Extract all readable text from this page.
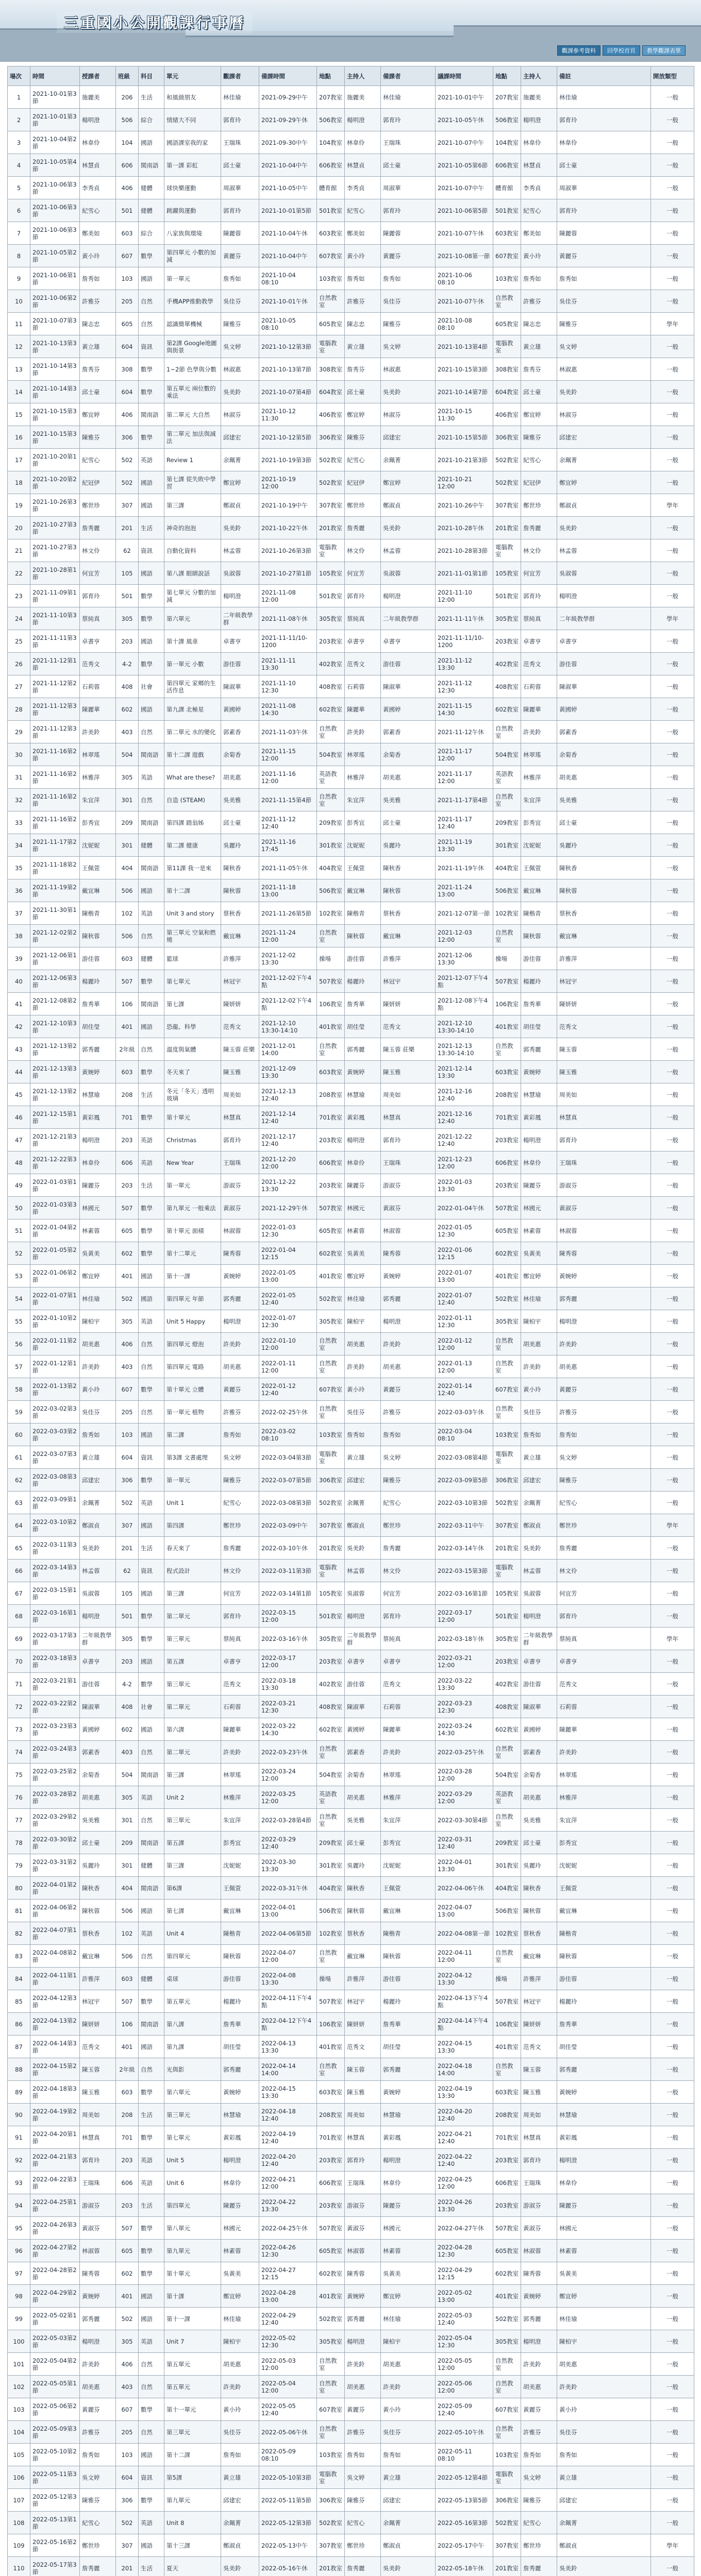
三重國小公開觀課行事曆
觀課參考資料	回學校首頁	教學觀課表單
場次	時間	授課者	班級	科目	單元	觀課者	備課時間	地點	主持人	備課者	議課時間	地點	主持人	備註	開放類型
1	2021-10-01第3節	施麗美	206	生活	和風做朋友	林佳瑜	2021-09-29中午	207教室	施麗美	林佳瑜	2021-10-01中午	207教室	施麗美	林佳瑜	一般
2	2021-10-01第3節	楊明澄	506	綜合	情緒大不同	郭育玲	2021-09-29午休	506教室	楊明澄	郭育玲	2021-10-05午休	506教室	楊明澄	郭育玲	一般
3	2021-10-04第2節	林韋伶	104	國語	國語課室我的家	王瑞珠	2021-09-30中午	104教室	林韋伶	王瑞珠	2021-10-07中午	104教室	林韋伶	林韋伶	一般
4	2021-10-05第4節	林慧貞	606	閩南語	第一課 彩虹	邱士豪	2021-10-04中午	606教室	林慧貞	邱士豪	2021-10-05第6節	606教室	林慧貞	邱士豪	一般
5	2021-10-06第3節	李秀貞	406	健體	球快樂運動	周淑華	2021-10-05中午	體育館	李秀貞	周淑華	2021-10-07中午	體育館	李秀貞	周淑華	一般
6	2021-10-06第3節	紀雪心	501	健體	跳躍與運動	郭育玲	2021-10-01第5節	501教室	紀雪心	郭育玲	2021-10-06第5節	501教室	紀雪心	郭育玲	一般
7	2021-10-06第3節	鄭美如	603	綜合	八家族與環境	陳麗蓉	2021-10-04午休	603教室	鄭美如	陳麗蓉	2021-10-07午休	603教室	鄭美如	陳麗蓉	一般
8	2021-10-05第2節	黃小玲	607	數學	第四單元 小數的加減	黃麗芬	2021-10-04中午	607教室	黃小玲	黃麗芬	2021-10-08第一節	607教室	黃小玲	黃麗芬	一般
9	2021-10-06第1節	詹秀如	103	國語	第一單元	詹秀如	2021-10-04 08:10	103教室	詹秀如	詹秀如	2021-10-06 08:10	103教室	詹秀如	詹秀如	一般
10	2021-10-06第2節	許雅芬	205	自然	手機APP推動教學	吳佳芬	2021-10-01午休	自然教室	許雅芬	吳佳芬	2021-10-07午休	自然教室	許雅芬	吳佳芬	一般
11	2021-10-07第3節	陳志忠	605	自然	認識簡單機械	陳雅芬	2021-10-05 08:10	605教室	陳志忠	陳雅芬	2021-10-08 08:10	605教室	陳志忠	陳雅芬	學年
12	2021-10-13第3節	黃立雄	604	資訊	第2課 Google地圖與街景	吳文婷	2021-10-12第3節	電腦教室	黃立雄	吳文婷	2021-10-13第4節	電腦教室	黃立雄	吳文婷	一般
13	2021-10-14第3節	詹秀芬	308	數學	1~2節 色學與分數	林淑惠	2021-10-13第7節	308教室	詹秀芬	林淑惠	2021-10-15第3節	308教室	詹秀芬	林淑惠	一般
14	2021-10-14第3節	邱士豪	604	數學	第五單元 兩位數的乘法	吳美鈴	2021-10-07第4節	604教室	邱士豪	吳美鈴	2021-10-14第7節	604教室	邱士豪	吳美鈴	一般
15	2021-10-15第3節	鄭宜婷	406	閩南語	第二單元 大自然	林淑芬	2021-10-12 11:30	406教室	鄭宜婷	林淑芬	2021-10-15 11:30	406教室	鄭宜婷	林淑芬	一般
16	2021-10-15第3節	陳雅芬	306	數學	第二單元 加法與減法	邱建宏	2021-10-12第5節	306教室	陳雅芬	邱建宏	2021-10-15第5節	306教室	陳雅芬	邱建宏	一般
17	2021-10-20第1節	紀雪心	502	英語	Review 1	余珮菁	2021-10-19第3節	502教室	紀雪心	余珮菁	2021-10-21第3節	502教室	紀雪心	余珮菁	一般
18	2021-10-20第2節	紀冠伊	502	國語	第七課 從失敗中學習	鄭宜婷	2021-10-19 12:00	502教室	紀冠伊	鄭宜婷	2021-10-21 12:00	502教室	紀冠伊	鄭宜婷	一般
19	2021-10-26第3節	鄭世珍	307	國語	第三課	鄭淑貞	2021-10-19中午	307教室	鄭世珍	鄭淑貞	2021-10-26中午	307教室	鄭世珍	鄭淑貞	學年
20	2021-10-27第3節	詹秀麗	201	生活	神奇的泡泡	吳美鈴	2021-10-22午休	201教室	詹秀麗	吳美鈴	2021-10-28午休	201教室	詹秀麗	吳美鈴	一般
21	2021-10-27第3節	林文伶	62	資訊	自動化資料	林孟蓉	2021-10-26第3節	電腦教室	林文伶	林孟蓉	2021-10-28第3節	電腦教室	林文伶	林孟蓉	一般
22	2021-10-28第1節	何宜芳	105	國語	第八課 眼睛說話	吳淑蓉	2021-10-27第1節	105教室	何宜芳	吳淑蓉	2021-11-01第1節	105教室	何宜芳	吳淑蓉	一般
23	2021-11-09第1節	郭育玲	501	數學	第七單元 分數的加減	楊明澄	2021-11-08 12:00	501教室	郭育玲	楊明澄	2021-11-10 12:00	501教室	郭育玲	楊明澄	一般
24	2021-11-10第3節	蔡純真	305	數學	第六單元	二年級教學群	2021-11-08午休	305教室	蔡純真	二年級教學群	2021-11-11午休	305教室	蔡純真	二年級教學群	學年
25	2021-11-11第3節	卓書亨	203	國語	第十課 風車	卓書亨	2021-11-11/10-1200	203教室	卓書亨	卓書亨	2021-11-11/10-1200	203教室	卓書亨	卓書亨	一般
26	2021-11-12第1節	范秀文	4-2	數學	第一單元 小數	游佳蓉	2021-11-11 13:30	402教室	范秀文	游佳蓉	2021-11-12 13:30	402教室	范秀文	游佳蓉	一般
27	2021-11-12第2節	石莉蓉	408	社會	第四單元 家鄉的生活作息	陳淑華	2021-11-10 12:30	408教室	石莉蓉	陳淑華	2021-11-12 12:30	408教室	石莉蓉	陳淑華	一般
28	2021-11-12第3節	陳麗華	602	國語	第九課 北極星	黃國婷	2021-11-08 14:30	602教室	陳麗華	黃國婷	2021-11-15 14:30	602教室	陳麗華	黃國婷	一般
29	2021-11-12第3節	許美鈴	403	自然	第二單元 水的變化	郭素香	2021-11-03午休	自然教室	許美鈴	郭素香	2021-11-12午休	自然教室	許美鈴	郭素香	一般
30	2021-11-16第2節	林翠瑤	504	閩南語	第十二課 遊戲	余菊香	2021-11-15 12:00	504教室	林翠瑤	余菊香	2021-11-17 12:00	504教室	林翠瑤	余菊香	一般
31	2021-11-16第2節	林雅萍	305	英語	What are these?	胡美惠	2021-11-16 12:00	英語教室	林雅萍	胡美惠	2021-11-17 12:00	英語教室	林雅萍	胡美惠	一般
32	2021-11-16第2節	朱宜萍	301	自然	自造 (STEAM)	吳美雅	2021-11-15第4節	自然教室	朱宜萍	吳美雅	2021-11-17第4節	自然教室	朱宜萍	吳美雅	一般
33	2021-11-16第2節	彭秀宜	209	閩南語	第四課 踏翁姊	邱士豪	2021-11-12 12:40	209教室	彭秀宜	邱士豪	2021-11-17 12:40	209教室	彭秀宜	邱士豪	一般
34	2021-11-17第2節	沈妮妮	301	健體	第二課 健康	吳麗玲	2021-11-16 17:45	301教室	沈妮妮	吳麗玲	2021-11-19 13:30	301教室	沈妮妮	吳麗玲	一般
35	2021-11-18第2節	王佩萱	404	閩南語	第11課 我一是來	陳秋香	2021-11-05午休	404教室	王佩萱	陳秋香	2021-11-19午休	404教室	王佩萱	陳秋香	一般
36	2021-11-19第2節	戴宜琳	506	國語	第十二課	陳秋蓉	2021-11-18 13:00	506教室	戴宜琳	陳秋蓉	2021-11-24 13:00	506教室	戴宜琳	陳秋蓉	一般
37	2021-11-30第1節	陳楷青	102	英語	Unit 3 and story	蔡秋香	2021-11-26第5節	102教室	陳楷青	蔡秋香	2021-12-07第一節	102教室	陳楷青	蔡秋香	一般
38	2021-12-02第2節	陳秋蓉	506	自然	第三單元 空氣和燃燒	戴宜琳	2021-11-24 12:00	自然教室	陳秋蓉	戴宜琳	2021-12-03 12:00	自然教室	陳秋蓉	戴宜琳	一般
39	2021-12-06第1節	游佳蓉	603	健體	籃球	許雅萍	2021-12-02 13:30	操場	游佳蓉	許雅萍	2021-12-06 13:30	操場	游佳蓉	許雅萍	一般
40	2021-12-06第3節	楊麗玲	507	數學	第七單元	林冠宇	2021-12-02下午4點	507教室	楊麗玲	林冠宇	2021-12-07下午4點	507教室	楊麗玲	林冠宇	一般
41	2021-12-08第2節	詹秀華	106	閩南語	第七課	陳妍妍	2021-12-02下午4點	106教室	詹秀華	陳妍妍	2021-12-08下午4點	106教室	詹秀華	陳妍妍	一般
42	2021-12-10第3節	胡佳瑩	401	國語	恐龍、科學	范秀文	2021-12-10 13:30-14:10	401教室	胡佳瑩	范秀文	2021-12-10 13:30-14:10	401教室	胡佳瑩	范秀文	一般
43	2021-12-13第2節	郭秀麗	2年級	自然	溫度與氣體	陳玉蓉 莊樂	2021-12-01 14:00	自然教室	郭秀麗	陳玉蓉 莊樂	2021-12-13 13:30-14:10	自然教室	郭秀麗	陳玉蓉	一般
44	2021-12-13第3節	黃婉婷	603	數學	冬天來了	陳玉雅	2021-12-09 13:30	603教室	黃婉婷	陳玉雅	2021-12-14 13:30	603教室	黃婉婷	陳玉雅	一般
45	2021-12-13第2節	林慧瑜	208	生活	冬元「冬天」透明玻璃	周美如	2021-12-13 12:40	208教室	林慧瑜	周美如	2021-12-16 12:40	208教室	林慧瑜	周美如	一般
46	2021-12-15第1節	黃彩鳳	701	數學	第十單元	林慧真	2021-12-14 12:40	701教室	黃彩鳳	林慧真	2021-12-16 12:40	701教室	黃彩鳳	林慧真	一般
47	2021-12-21第3節	楊明澄	203	英語	Christmas	郭育玲	2021-12-17 12:40	203教室	楊明澄	郭育玲	2021-12-22 12:40	203教室	楊明澄	郭育玲	一般
48	2021-12-22第3節	林韋伶	606	英語	New Year	王瑞珠	2021-12-20 12:00	606教室	林韋伶	王瑞珠	2021-12-23 12:00	606教室	林韋伶	王瑞珠	一般
49	2022-01-03第1節	陳麗芬	203	生活	第一單元	游淑芬	2021-12-22 13:30	203教室	陳麗芬	游淑芬	2022-01-03 13:30	203教室	陳麗芬	游淑芬	一般
50	2022-01-03第3節	林國元	507	數學	第九單元 一般乘法	黃淑芬	2021-12-29午休	507教室	林國元	黃淑芬	2022-01-04午休	507教室	林國元	黃淑芬	一般
51	2022-01-04第2節	林素蓉	605	數學	第十單元 面積	林淑蓉	2022-01-03 12:30	605教室	林素蓉	林淑蓉	2022-01-05 12:30	605教室	林素蓉	林淑蓉	一般
52	2022-01-05第2節	吳黃美	602	數學	第十二單元	陳秀蓉	2022-01-04 12:15	602教室	吳黃美	陳秀蓉	2022-01-06 12:15	602教室	吳黃美	陳秀蓉	一般
53	2022-01-06第2節	鄭宜婷	401	國語	第十一課	黃婉婷	2022-01-05 13:00	401教室	鄭宜婷	黃婉婷	2022-01-07 13:00	401教室	鄭宜婷	黃婉婷	一般
54	2022-01-07第1節	林佳瑜	502	國語	第四單元 年節	郭秀麗	2022-01-05 12:40	502教室	林佳瑜	郭秀麗	2022-01-07 12:40	502教室	林佳瑜	郭秀麗	一般
55	2022-01-10第2節	陳柏宇	305	英語	Unit 5 Happy	楊明澄	2022-01-07 12:30	305教室	陳柏宇	楊明澄	2022-01-11 12:30	305教室	陳柏宇	楊明澄	一般
56	2022-01-11第2節	胡美惠	406	自然	第四單元 燈泡	許美鈴	2022-01-10 12:00	自然教室	胡美惠	許美鈴	2022-01-12 12:00	自然教室	胡美惠	許美鈴	一般
57	2022-01-12第1節	許美鈴	403	自然	第四單元 電路	胡美惠	2022-01-11 12:00	自然教室	許美鈴	胡美惠	2022-01-13 12:00	自然教室	許美鈴	胡美惠	一般
58	2022-01-13第2節	黃小玲	607	數學	第十單元 立體	黃麗芬	2022-01-12 12:40	607教室	黃小玲	黃麗芬	2022-01-14 12:40	607教室	黃小玲	黃麗芬	一般
59	2022-03-02第3節	吳佳芬	205	自然	第一單元 植物	許雅芬	2022-02-25午休	自然教室	吳佳芬	許雅芬	2022-03-03午休	自然教室	吳佳芬	許雅芬	一般
60	2022-03-03第2節	詹秀如	103	國語	第二課	詹秀如	2022-03-02 08:10	103教室	詹秀如	詹秀如	2022-03-04 08:10	103教室	詹秀如	詹秀如	一般
61	2022-03-07第3節	黃立雄	604	資訊	第3課 文書處理	吳文婷	2022-03-04第3節	電腦教室	黃立雄	吳文婷	2022-03-08第4節	電腦教室	黃立雄	吳文婷	一般
62	2022-03-08第3節	邱建宏	306	數學	第一單元	陳雅芬	2022-03-07第5節	306教室	邱建宏	陳雅芬	2022-03-09第5節	306教室	邱建宏	陳雅芬	一般
63	2022-03-09第1節	余珮菁	502	英語	Unit 1	紀雪心	2022-03-08第3節	502教室	余珮菁	紀雪心	2022-03-10第3節	502教室	余珮菁	紀雪心	一般
64	2022-03-10第2節	鄭淑貞	307	國語	第四課	鄭世珍	2022-03-09中午	307教室	鄭淑貞	鄭世珍	2022-03-11中午	307教室	鄭淑貞	鄭世珍	學年
65	2022-03-11第3節	吳美鈴	201	生活	春天來了	詹秀麗	2022-03-10午休	201教室	吳美鈴	詹秀麗	2022-03-14午休	201教室	吳美鈴	詹秀麗	一般
66	2022-03-14第3節	林孟蓉	62	資訊	程式設計	林文伶	2022-03-11第3節	電腦教室	林孟蓉	林文伶	2022-03-15第3節	電腦教室	林孟蓉	林文伶	一般
67	2022-03-15第1節	吳淑蓉	105	國語	第三課	何宜芳	2022-03-14第1節	105教室	吳淑蓉	何宜芳	2022-03-16第1節	105教室	吳淑蓉	何宜芳	一般
68	2022-03-16第1節	楊明澄	501	數學	第二單元	郭育玲	2022-03-15 12:00	501教室	楊明澄	郭育玲	2022-03-17 12:00	501教室	楊明澄	郭育玲	一般
69	2022-03-17第3節	二年級教學群	305	數學	第三單元	蔡純真	2022-03-16午休	305教室	二年級教學群	蔡純真	2022-03-18午休	305教室	二年級教學群	蔡純真	學年
70	2022-03-18第3節	卓書亨	203	國語	第五課	卓書亨	2022-03-17 12:00	203教室	卓書亨	卓書亨	2022-03-21 12:00	203教室	卓書亨	卓書亨	一般
71	2022-03-21第1節	游佳蓉	4-2	數學	第三單元	范秀文	2022-03-18 13:30	402教室	游佳蓉	范秀文	2022-03-22 13:30	402教室	游佳蓉	范秀文	一般
72	2022-03-22第2節	陳淑華	408	社會	第二單元	石莉蓉	2022-03-21 12:30	408教室	陳淑華	石莉蓉	2022-03-23 12:30	408教室	陳淑華	石莉蓉	一般
73	2022-03-23第3節	黃國婷	602	國語	第六課	陳麗華	2022-03-22 14:30	602教室	黃國婷	陳麗華	2022-03-24 14:30	602教室	黃國婷	陳麗華	一般
74	2022-03-24第3節	郭素香	403	自然	第二單元	許美鈴	2022-03-23午休	自然教室	郭素香	許美鈴	2022-03-25午休	自然教室	郭素香	許美鈴	一般
75	2022-03-25第2節	余菊香	504	閩南語	第三課	林翠瑤	2022-03-24 12:00	504教室	余菊香	林翠瑤	2022-03-28 12:00	504教室	余菊香	林翠瑤	一般
76	2022-03-28第2節	胡美惠	305	英語	Unit 2	林雅萍	2022-03-25 12:00	英語教室	胡美惠	林雅萍	2022-03-29 12:00	英語教室	胡美惠	林雅萍	一般
77	2022-03-29第2節	吳美雅	301	自然	第三單元	朱宜萍	2022-03-28第4節	自然教室	吳美雅	朱宜萍	2022-03-30第4節	自然教室	吳美雅	朱宜萍	一般
78	2022-03-30第2節	邱士豪	209	閩南語	第五課	彭秀宜	2022-03-29 12:40	209教室	邱士豪	彭秀宜	2022-03-31 12:40	209教室	邱士豪	彭秀宜	一般
79	2022-03-31第2節	吳麗玲	301	健體	第三課	沈妮妮	2022-03-30 13:30	301教室	吳麗玲	沈妮妮	2022-04-01 13:30	301教室	吳麗玲	沈妮妮	一般
80	2022-04-01第2節	陳秋香	404	閩南語	第6課	王佩萱	2022-03-31午休	404教室	陳秋香	王佩萱	2022-04-06午休	404教室	陳秋香	王佩萱	一般
81	2022-04-06第2節	陳秋蓉	506	國語	第七課	戴宜琳	2022-04-01 13:00	506教室	陳秋蓉	戴宜琳	2022-04-07 13:00	506教室	陳秋蓉	戴宜琳	一般
82	2022-04-07第1節	蔡秋香	102	英語	Unit 4	陳楷青	2022-04-06第5節	102教室	蔡秋香	陳楷青	2022-04-08第一節	102教室	蔡秋香	陳楷青	一般
83	2022-04-08第2節	戴宜琳	506	自然	第四單元	陳秋蓉	2022-04-07 12:00	自然教室	戴宜琳	陳秋蓉	2022-04-11 12:00	自然教室	戴宜琳	陳秋蓉	一般
84	2022-04-11第1節	許雅萍	603	健體	桌球	游佳蓉	2022-04-08 13:30	操場	許雅萍	游佳蓉	2022-04-12 13:30	操場	許雅萍	游佳蓉	一般
85	2022-04-12第3節	林冠宇	507	數學	第五單元	楊麗玲	2022-04-11下午4點	507教室	林冠宇	楊麗玲	2022-04-13下午4點	507教室	林冠宇	楊麗玲	一般
86	2022-04-13第2節	陳妍妍	106	閩南語	第八課	詹秀華	2022-04-12下午4點	106教室	陳妍妍	詹秀華	2022-04-14下午4點	106教室	陳妍妍	詹秀華	一般
87	2022-04-14第3節	范秀文	401	國語	第九課	胡佳瑩	2022-04-13 13:30	401教室	范秀文	胡佳瑩	2022-04-15 13:30	401教室	范秀文	胡佳瑩	一般
88	2022-04-15第2節	陳玉蓉	2年級	自然	光與影	郭秀麗	2022-04-14 14:00	自然教室	陳玉蓉	郭秀麗	2022-04-18 14:00	自然教室	陳玉蓉	郭秀麗	一般
89	2022-04-18第3節	陳玉雅	603	數學	第六單元	黃婉婷	2022-04-15 13:30	603教室	陳玉雅	黃婉婷	2022-04-19 13:30	603教室	陳玉雅	黃婉婷	一般
90	2022-04-19第2節	周美如	208	生活	第三單元	林慧瑜	2022-04-18 12:40	208教室	周美如	林慧瑜	2022-04-20 12:40	208教室	周美如	林慧瑜	一般
91	2022-04-20第1節	林慧真	701	數學	第七單元	黃彩鳳	2022-04-19 12:40	701教室	林慧真	黃彩鳳	2022-04-21 12:40	701教室	林慧真	黃彩鳳	一般
92	2022-04-21第3節	郭育玲	203	英語	Unit 5	楊明澄	2022-04-20 12:40	203教室	郭育玲	楊明澄	2022-04-22 12:40	203教室	郭育玲	楊明澄	一般
93	2022-04-22第3節	王瑞珠	606	英語	Unit 6	林韋伶	2022-04-21 12:00	606教室	王瑞珠	林韋伶	2022-04-25 12:00	606教室	王瑞珠	林韋伶	一般
94	2022-04-25第1節	游淑芬	203	生活	第四單元	陳麗芬	2022-04-22 13:30	203教室	游淑芬	陳麗芬	2022-04-26 13:30	203教室	游淑芬	陳麗芬	一般
95	2022-04-26第3節	黃淑芬	507	數學	第八單元	林國元	2022-04-25午休	507教室	黃淑芬	林國元	2022-04-27午休	507教室	黃淑芬	林國元	一般
96	2022-04-27第2節	林淑蓉	605	數學	第九單元	林素蓉	2022-04-26 12:30	605教室	林淑蓉	林素蓉	2022-04-28 12:30	605教室	林淑蓉	林素蓉	一般
97	2022-04-28第2節	陳秀蓉	602	數學	第十單元	吳黃美	2022-04-27 12:15	602教室	陳秀蓉	吳黃美	2022-04-29 12:15	602教室	陳秀蓉	吳黃美	一般
98	2022-04-29第2節	黃婉婷	401	國語	第十課	鄭宜婷	2022-04-28 13:00	401教室	黃婉婷	鄭宜婷	2022-05-02 13:00	401教室	黃婉婷	鄭宜婷	一般
99	2022-05-02第1節	郭秀麗	502	國語	第十一課	林佳瑜	2022-04-29 12:40	502教室	郭秀麗	林佳瑜	2022-05-03 12:40	502教室	郭秀麗	林佳瑜	一般
100	2022-05-03第2節	楊明澄	305	英語	Unit 7	陳柏宇	2022-05-02 12:30	305教室	楊明澄	陳柏宇	2022-05-04 12:30	305教室	楊明澄	陳柏宇	一般
101	2022-05-04第2節	許美鈴	406	自然	第五單元	胡美惠	2022-05-03 12:00	自然教室	許美鈴	胡美惠	2022-05-05 12:00	自然教室	許美鈴	胡美惠	一般
102	2022-05-05第1節	胡美惠	403	自然	第五單元	許美鈴	2022-05-04 12:00	自然教室	胡美惠	許美鈴	2022-05-06 12:00	自然教室	胡美惠	許美鈴	一般
103	2022-05-06第2節	黃麗芬	607	數學	第十一單元	黃小玲	2022-05-05 12:40	607教室	黃麗芬	黃小玲	2022-05-09 12:40	607教室	黃麗芬	黃小玲	一般
104	2022-05-09第3節	許雅芬	205	自然	第三單元	吳佳芬	2022-05-06午休	自然教室	許雅芬	吳佳芬	2022-05-10午休	自然教室	許雅芬	吳佳芬	一般
105	2022-05-10第2節	詹秀如	103	國語	第十二課	詹秀如	2022-05-09 08:10	103教室	詹秀如	詹秀如	2022-05-11 08:10	103教室	詹秀如	詹秀如	一般
106	2022-05-11第3節	吳文婷	604	資訊	第5課	黃立雄	2022-05-10第3節	電腦教室	吳文婷	黃立雄	2022-05-12第4節	電腦教室	吳文婷	黃立雄	一般
107	2022-05-12第3節	陳雅芬	306	數學	第九單元	邱建宏	2022-05-11第5節	306教室	陳雅芬	邱建宏	2022-05-13第5節	306教室	陳雅芬	邱建宏	一般
108	2022-05-13第1節	紀雪心	502	英語	Unit 8	余珮菁	2022-05-12第3節	502教室	紀雪心	余珮菁	2022-05-16第3節	502教室	紀雪心	余珮菁	一般
109	2022-05-16第2節	鄭世珍	307	國語	第十三課	鄭淑貞	2022-05-13中午	307教室	鄭世珍	鄭淑貞	2022-05-17中午	307教室	鄭世珍	鄭淑貞	學年
110	2022-05-17第3節	詹秀麗	201	生活	夏天	吳美鈴	2022-05-16午休	201教室	詹秀麗	吳美鈴	2022-05-18午休	201教室	詹秀麗	吳美鈴	一般
